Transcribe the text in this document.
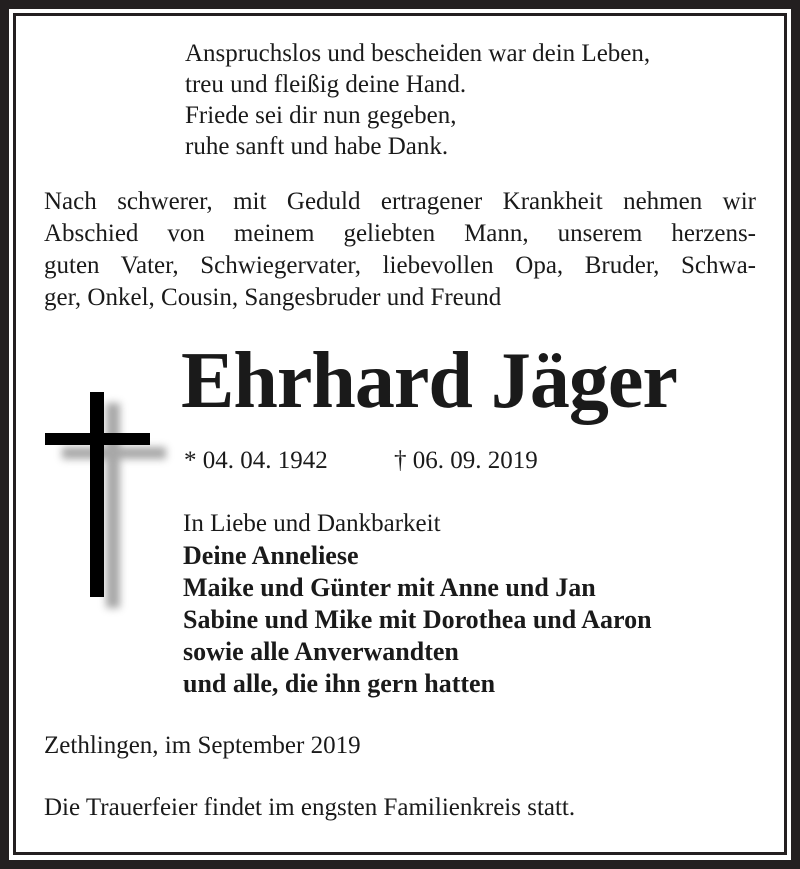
Anspruchslos und bescheiden war dein Leben,
treu und fleißig deine Hand.
Friede sei dir nun gegeben,
ruhe sanft und habe Dank.
Nach schwerer, mit Geduld ertragener Krankheit nehmen wir
Abschied von meinem geliebten Mann, unserem herzens-
guten Vater, Schwiegervater, liebevollen Opa, Bruder, Schwa-
ger, Onkel, Cousin, Sangesbruder und Freund
Ehrhard Jäger
* 04. 04. 1942	† 06. 09. 2019
In Liebe und Dankbarkeit
Deine Anneliese
Maike und Günter mit Anne und Jan
Sabine und Mike mit Dorothea und Aaron
sowie alle Anverwandten
und alle, die ihn gern hatten
Zethlingen, im September 2019
Die Trauerfeier findet im engsten Familienkreis statt.
